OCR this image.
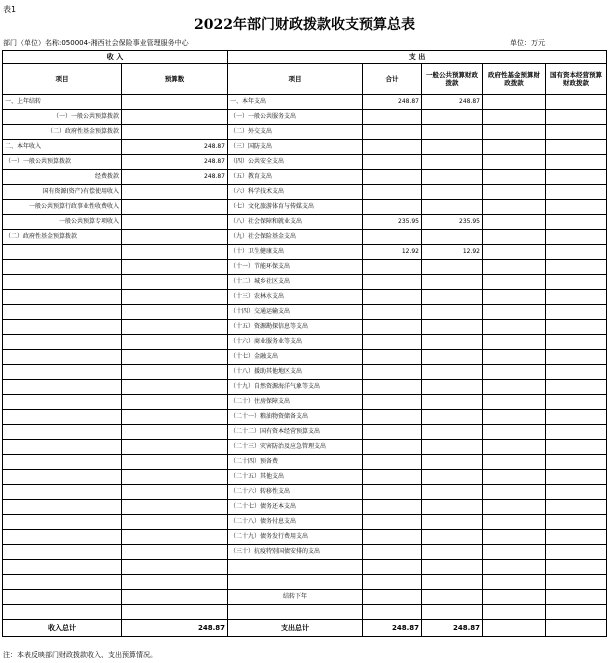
表1
2022年部门财政拨款收支预算总表
部门（单位）名称:050004-湘西社会保险事业管理服务中心	单位：万元
收 入		支 出				
项目	预算数	项目	合计	一般公共预算财政拨款	政府性基金预算财政拨款	国有资本经营预算财政拨款
一、上年结转		一、本年支出	248.87	248.87		
（一）一般公共预算拨款		（一）一般公共服务支出				
（二）政府性基金预算拨款		（二）外交支出				
二、本年收入	248.87	（三）国防支出				
（一）一般公共预算拨款	248.87	（四）公共安全支出				
经费拨款	248.87	（五）教育支出				
国有资源(资产)有偿使用收入		（六）科学技术支出				
一般公共预算行政事业性收费收入		（七）文化旅游体育与传媒支出				
一般公共预算专项收入		（八）社会保障和就业支出	235.95	235.95		
（二）政府性基金预算拨款		（九）社会保险基金支出				
		（十）卫生健康支出	12.92	12.92		
		（十一）节能环保支出				
		（十二）城乡社区支出				
		（十三）农林水支出				
		（十四）交通运输支出				
		（十五）资源勘探信息等支出				
		（十六）商业服务业等支出				
		（十七）金融支出				
		（十八）援助其他地区支出				
		（十九）自然资源海洋气象等支出				
		（二十）住房保障支出				
		（二十一）粮油物资储备支出				
		（二十二）国有资本经营预算支出				
		（二十三）灾害防治及应急管理支出				
		（二十四）预备费				
		（二十五）其他支出				
		（二十六）转移性支出				
		（二十七）债务还本支出				
		（二十八）债务付息支出				
		（二十九）债务发行费用支出				
		（三十）抗疫特别国债安排的支出				

		结转下年				

收入总计	248.87	支出总计	248.87	248.87		
注：本表反映部门财政拨款收入、支出预算情况。
